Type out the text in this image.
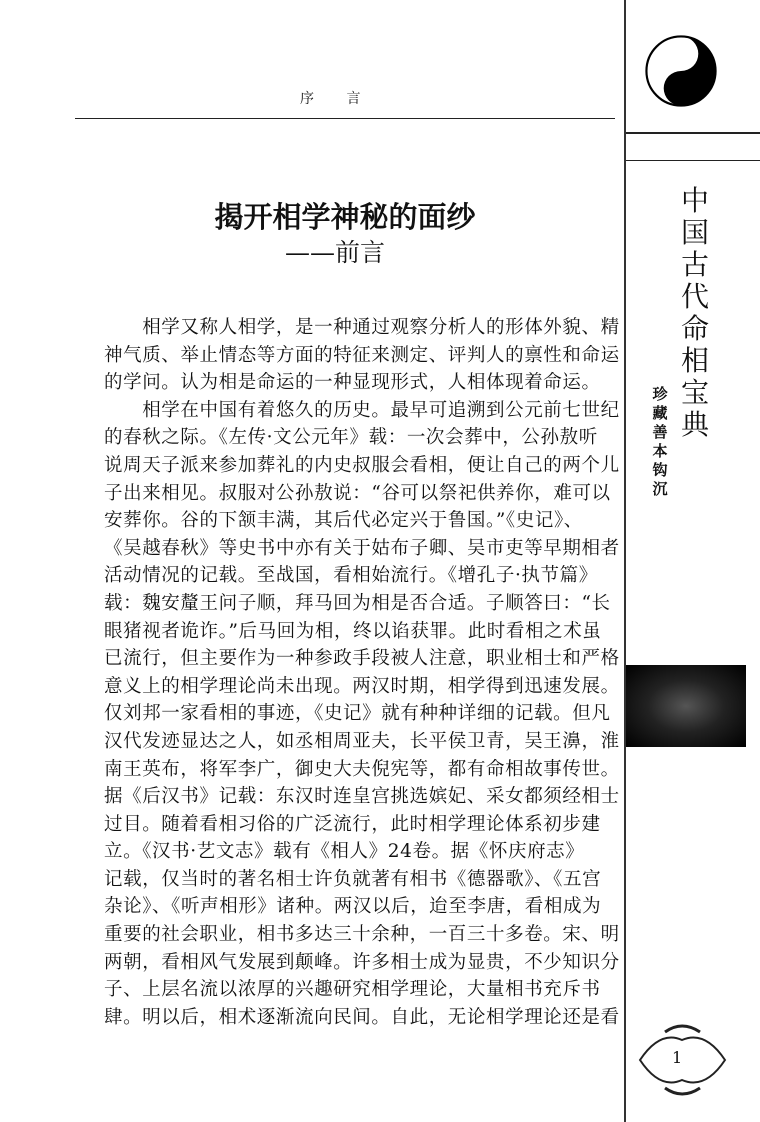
序 言
揭开相学神秘的面纱
——前言
　　相学又称人相学，是一种通过观察分析人的形体外貌、精
神气质、举止情态等方面的特征来测定、评判人的禀性和命运
的学问。认为相是命运的一种显现形式，人相体现着命运。
　　相学在中国有着悠久的历史。最早可追溯到公元前七世纪
的春秋之际。《左传·文公元年》载：一次会葬中，公孙敖听
说周天子派来参加葬礼的内史叔服会看相，便让自己的两个儿
子出来相见。叔服对公孙敖说：“谷可以祭祀供养你，难可以
安葬你。谷的下颔丰满，其后代必定兴于鲁国。”《史记》、
《吴越春秋》等史书中亦有关于姑布子卿、吴市吏等早期相者
活动情况的记载。至战国，看相始流行。《增孔子·执节篇》
载：魏安釐王问子顺，拜马回为相是否合适。子顺答曰：“长
眼猪视者诡诈。”后马回为相，终以谄获罪。此时看相之术虽
已流行，但主要作为一种参政手段被人注意，职业相士和严格
意义上的相学理论尚未出现。两汉时期，相学得到迅速发展。
仅刘邦一家看相的事迹，《史记》就有种种详细的记载。但凡
汉代发迹显达之人，如丞相周亚夫，长平侯卫青，吴王濞，淮
南王英布，将军李广，御史大夫倪宪等，都有命相故事传世。
据《后汉书》记载：东汉时连皇宫挑选嫔妃、采女都须经相士
过目。随着看相习俗的广泛流行，此时相学理论体系初步建
立。《汉书·艺文志》载有《相人》24卷。据《怀庆府志》
记载，仅当时的著名相士许负就著有相书《德器歌》、《五宫
杂论》、《听声相形》诸种。两汉以后，迨至李唐，看相成为
重要的社会职业，相书多达三十余种，一百三十多卷。宋、明
两朝，看相风气发展到颠峰。许多相士成为显贵，不少知识分
子、上层名流以浓厚的兴趣研究相学理论，大量相书充斥书
肆。明以后，相术逐渐流向民间。自此，无论相学理论还是看
中国古代命相宝典
珍藏善本钩沉
1
